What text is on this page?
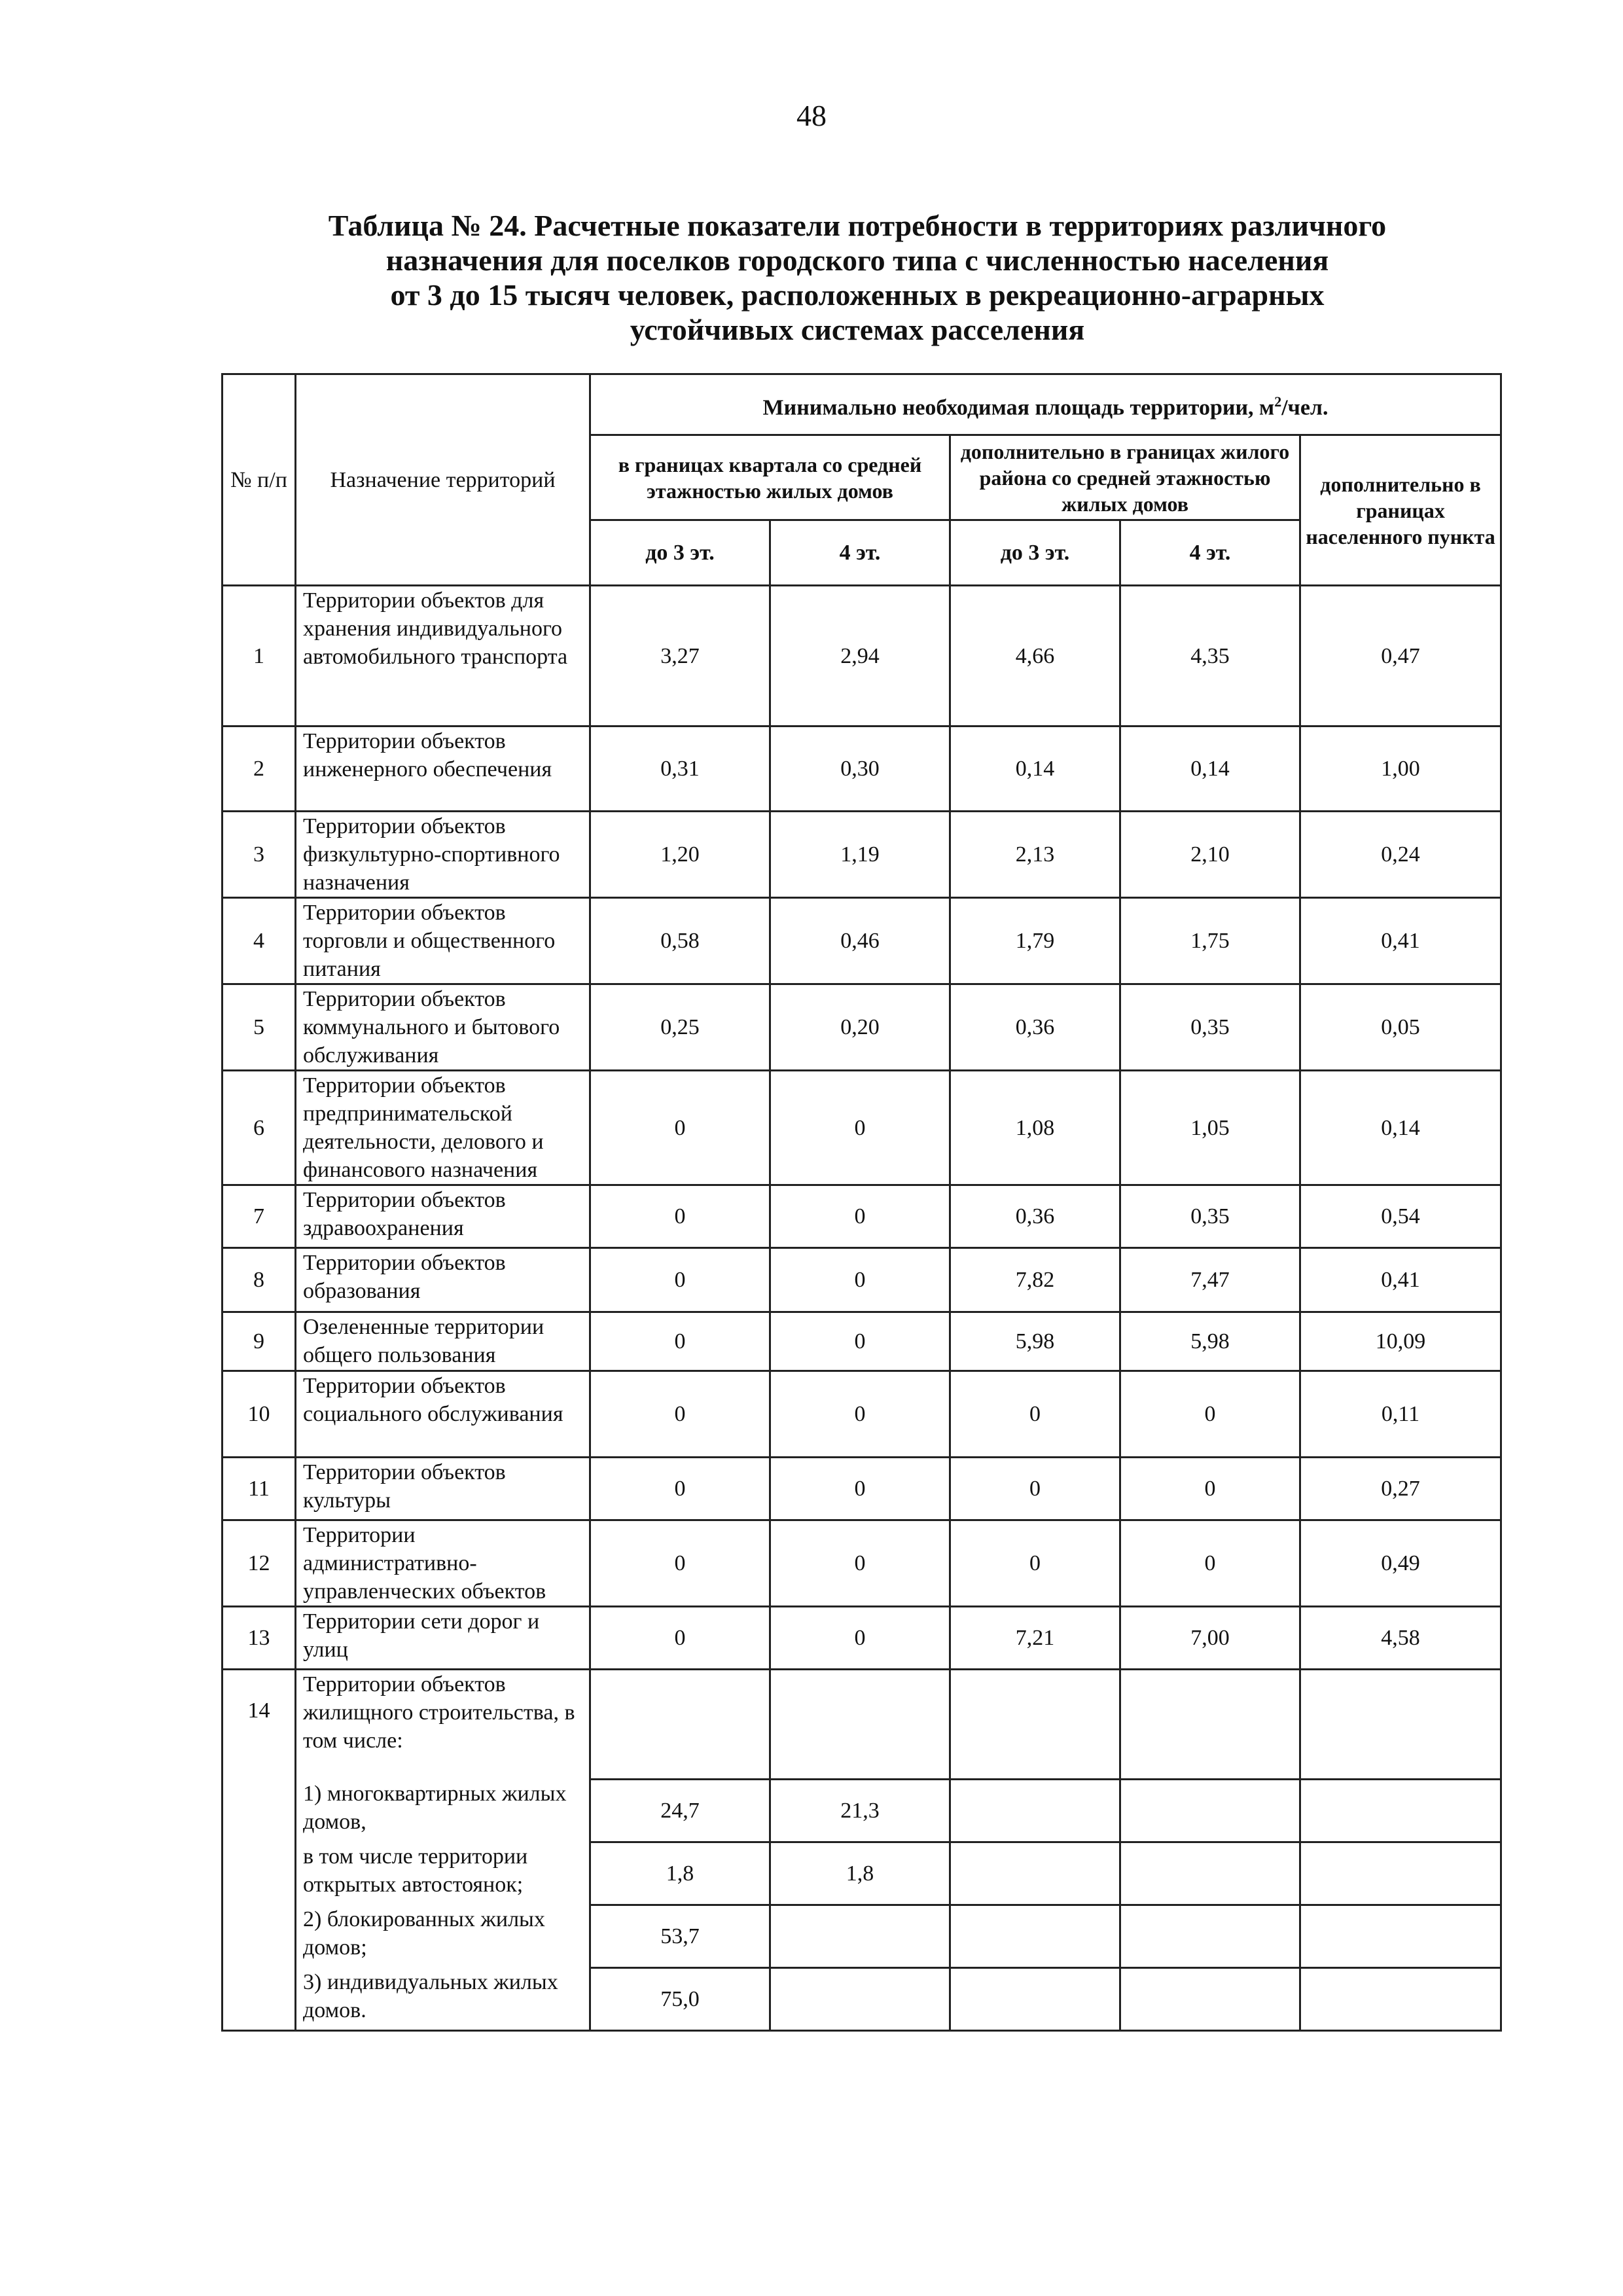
48
Таблица № 24. Расчетные показатели потребности в территориях различного
назначения для поселков городского типа с численностью населения
от 3 до 15 тысяч человек, расположенных в рекреационно-аграрных
устойчивых системах расселения
№ п/п	Назначение территорий	Минимально необходимая площадь территории, $м^2$/чел.				
		в границах квартала со средней этажностью жилых домов		дополнительно в границах жилого района со средней этажностью жилых домов		дополнительно в границах населенного пункта
		до 3 эт.	4 эт.	до 3 эт.	4 эт.	
1	Территории объектов для хранения индивидуального автомобильного транспорта	3,27	2,94	4,66	4,35	0,47
2	Территории объектов инженерного обеспечения	0,31	0,30	0,14	0,14	1,00
3	Территории объектов физкультурно-спортивного назначения	1,20	1,19	2,13	2,10	0,24
4	Территории объектов торговли и общественного питания	0,58	0,46	1,79	1,75	0,41
5	Территории объектов коммунального и бытового обслуживания	0,25	0,20	0,36	0,35	0,05
6	Территории объектов предпринимательской деятельности, делового и финансового назначения	0	0	1,08	1,05	0,14
7	Территории объектов здравоохранения	0	0	0,36	0,35	0,54
8	Территории объектов образования	0	0	7,82	7,47	0,41
9	Озелененные территории общего пользования	0	0	5,98	5,98	10,09
10	Территории объектов социального обслуживания	0	0	0	0	0,11
11	Территории объектов культуры	0	0	0	0	0,27
12	Территории административно-управленческих объектов	0	0	0	0	0,49
13	Территории сети дорог и улиц	0	0	7,21	7,00	4,58
14	Территории объектов жилищного строительства, в том числе:					
	1) многоквартирных жилых домов,	24,7	21,3			
	в том числе территории открытых автостоянок;	1,8	1,8			
	2) блокированных жилых домов;	53,7				
	3) индивидуальных жилых домов.	75,0				
